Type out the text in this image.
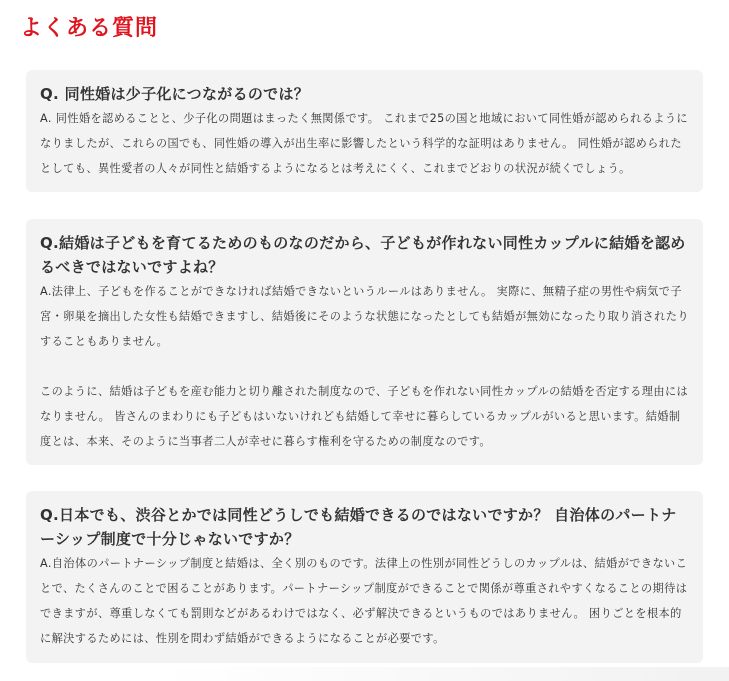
よくある質問
Q. 同性婚は少子化につながるのでは？

A. 同性婚を認めることと、少子化の問題はまったく無関係です。 これまで25の国と地域において同性婚が認められるようになりましたが、これらの国でも、同性婚の導入が出生率に影響したという科学的な証明はありません。 同性婚が認められたとしても、異性愛者の人々が同性と結婚するようになるとは考えにくく、これまでどおりの状況が続くでしょう。

Q.結婚は子どもを育てるためのものなのだから、子どもが作れない同性カップルに結婚を認めるべきではないですよね？

A.法律上、子どもを作ることができなければ結婚できないというルールはありません。 実際に、無精子症の男性や病気で子宮・卵巣を摘出した女性も結婚できますし、結婚後にそのような状態になったとしても結婚が無効になったり取り消されたりすることもありません。

このように、結婚は子どもを産む能力と切り離された制度なので、子どもを作れない同性カップルの結婚を否定する理由にはなりません。 皆さんのまわりにも子どもはいないけれども結婚して幸せに暮らしているカップルがいると思います。結婚制度とは、本来、そのように当事者二人が幸せに暮らす権利を守るための制度なのです。

Q.日本でも、渋谷とかでは同性どうしでも結婚できるのではないですか？ 自治体のパートナーシップ制度で十分じゃないですか？

A.自治体のパートナーシップ制度と結婚は、全く別のものです。法律上の性別が同性どうしのカップルは、結婚ができないことで、たくさんのことで困ることがあります。パートナーシップ制度ができることで関係が尊重されやすくなることの期待はできますが、尊重しなくても罰則などがあるわけではなく、必ず解決できるというものではありません。 困りごとを根本的に解決するためには、性別を問わず結婚ができるようになることが必要です。
